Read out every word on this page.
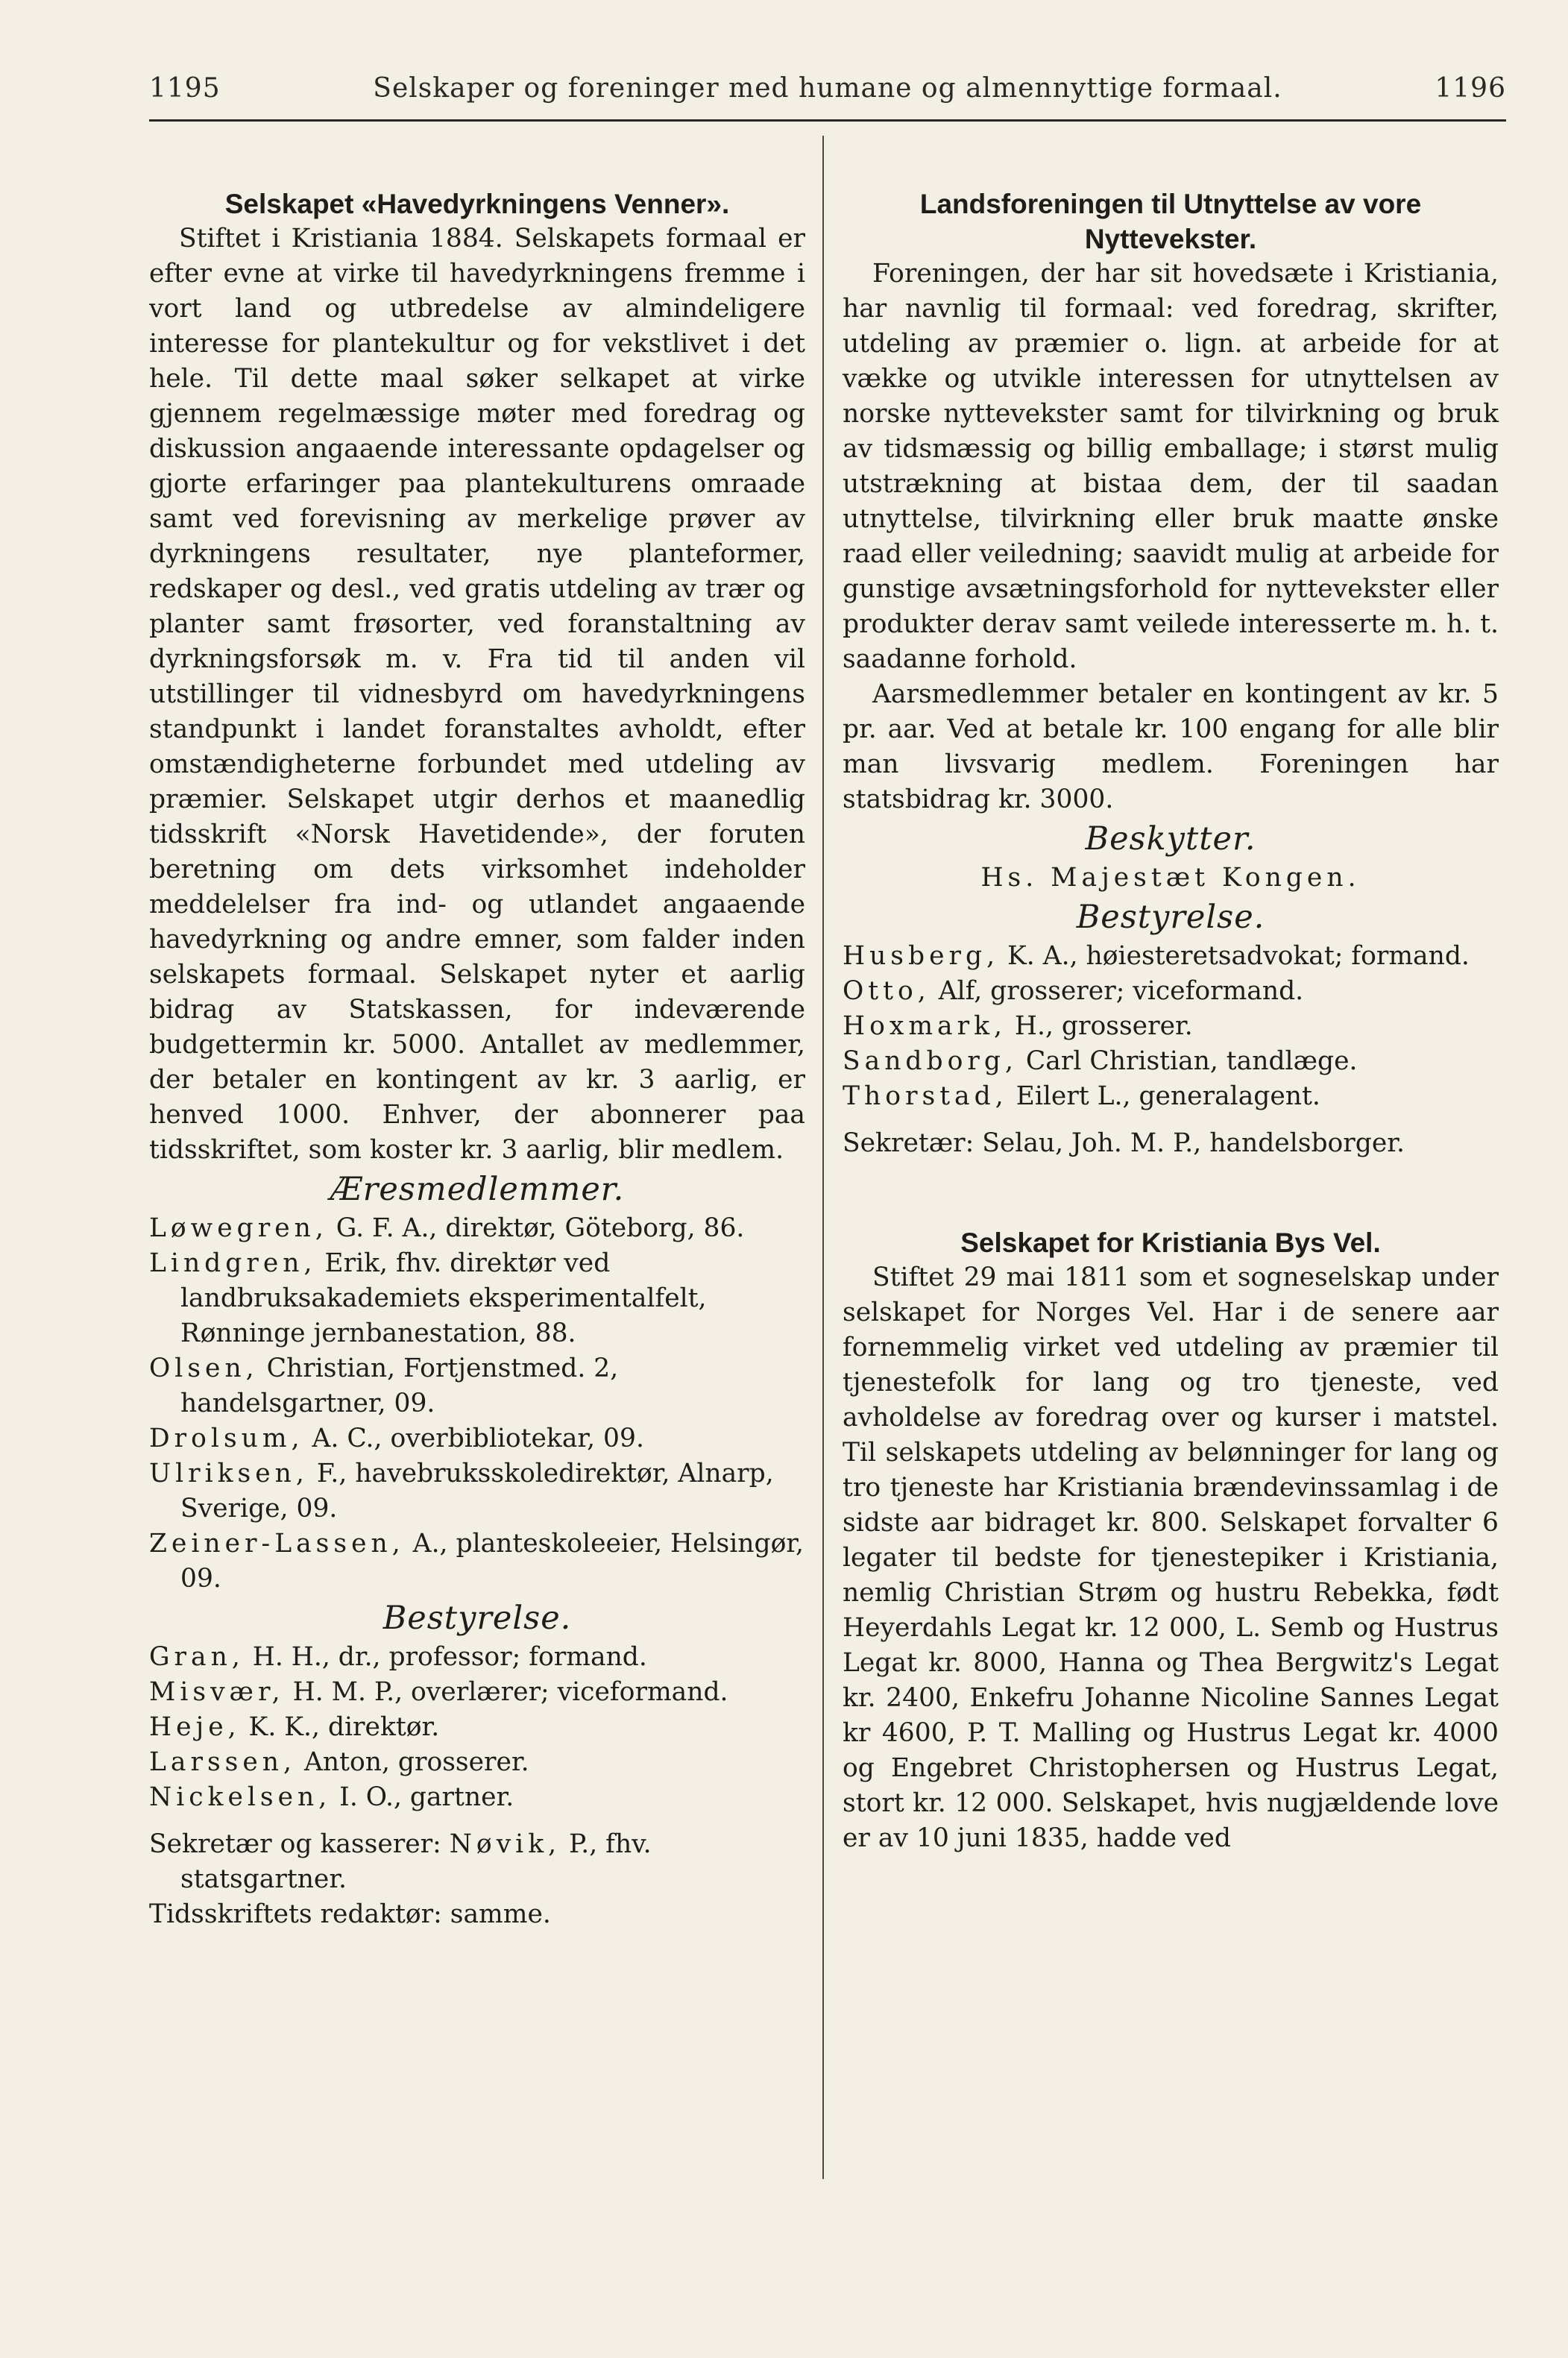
1195	Selskaper og foreninger med humane og almennyttige formaal.	1196

Selskapet «Havedyrkningens Venner».

Stiftet i Kristiania 1884. Selskapets formaal er efter evne at virke til havedyrkningens fremme i vort land og utbredelse av almindeligere interesse for plantekultur og for vekstlivet i det hele. Til dette maal søker selkapet at virke gjennem regelmæssige møter med foredrag og diskussion angaaende interessante opdagelser og gjorte erfaringer paa plantekulturens omraade samt ved forevisning av merkelige prøver av dyrkningens resultater, nye planteformer, redskaper og desl., ved gratis utdeling av trær og planter samt frøsorter, ved foranstaltning av dyrkningsforsøk m. v. Fra tid til anden vil utstillinger til vidnesbyrd om havedyrkningens standpunkt i landet foranstaltes avholdt, efter omstændigheterne forbundet med utdeling av præmier. Selskapet utgir derhos et maanedlig tidsskrift «Norsk Havetidende», der foruten beretning om dets virksomhet indeholder meddelelser fra ind- og utlandet angaaende havedyrkning og andre emner, som falder inden selskapets formaal. Selskapet nyter et aarlig bidrag av Statskassen, for indeværende budgettermin kr. 5000. Antallet av medlemmer, der betaler en kontingent av kr. 3 aarlig, er henved 1000. Enhver, der abonnerer paa tidsskriftet, som koster kr. 3 aarlig, blir medlem.

Æresmedlemmer.

Løwegren, G. F. A., direktør, Göteborg, 86.

Lindgren, Erik, fhv. direktør ved landbruksakademiets eksperimentalfelt, Rønninge jernbanestation, 88.

Olsen, Christian, Fortjenstmed. 2, handelsgartner, 09.

Drolsum, A. C., overbibliotekar, 09.

Ulriksen, F., havebruksskoledirektør, Alnarp, Sverige, 09.

Zeiner-Lassen, A., planteskoleeier, Helsingør, 09.

Bestyrelse.

Gran, H. H., dr., professor; formand.

Misvær, H. M. P., overlærer; viceformand.

Heje, K. K., direktør.

Larssen, Anton, grosserer.

Nickelsen, I. O., gartner.

Sekretær og kasserer: Nøvik, P., fhv. statsgartner.

Tidsskriftets redaktør: samme.

Landsforeningen til Utnyttelse av vore Nyttevekster.

Foreningen, der har sit hovedsæte i Kristiania, har navnlig til formaal: ved foredrag, skrifter, utdeling av præmier o. lign. at arbeide for at vække og utvikle interessen for utnyttelsen av norske nyttevekster samt for tilvirkning og bruk av tidsmæssig og billig emballage; i størst mulig utstrækning at bistaa dem, der til saadan utnyttelse, tilvirkning eller bruk maatte ønske raad eller veiledning; saavidt mulig at arbeide for gunstige avsætningsforhold for nyttevekster eller produkter derav samt veilede interesserte m. h. t. saadanne forhold.

Aarsmedlemmer betaler en kontingent av kr. 5 pr. aar. Ved at betale kr. 100 engang for alle blir man livsvarig medlem. Foreningen har statsbidrag kr. 3000.

Beskytter.

Hs. Majestæt Kongen.

Bestyrelse.

Husberg, K. A., høiesteretsadvokat; formand.

Otto, Alf, grosserer; viceformand.

Hoxmark, H., grosserer.

Sandborg, Carl Christian, tandlæge.

Thorstad, Eilert L., generalagent.

Sekretær: Selau, Joh. M. P., handelsborger.

Selskapet for Kristiania Bys Vel.

Stiftet 29 mai 1811 som et sogneselskap under selskapet for Norges Vel. Har i de senere aar fornemmelig virket ved utdeling av præmier til tjenestefolk for lang og tro tjeneste, ved avholdelse av foredrag over og kurser i matstel. Til selskapets utdeling av belønninger for lang og tro tjeneste har Kristiania brændevinssamlag i de sidste aar bidraget kr. 800. Selskapet forvalter 6 legater til bedste for tjenestepiker i Kristiania, nemlig Christian Strøm og hustru Rebekka, født Heyerdahls Legat kr. 12 000, L. Semb og Hustrus Legat kr. 8000, Hanna og Thea Bergwitz's Legat kr. 2400, Enkefru Johanne Nicoline Sannes Legat kr 4600, P. T. Malling og Hustrus Legat kr. 4000 og Engebret Christophersen og Hustrus Legat, stort kr. 12 000. Selskapet, hvis nugjældende love er av 10 juni 1835, hadde ved
